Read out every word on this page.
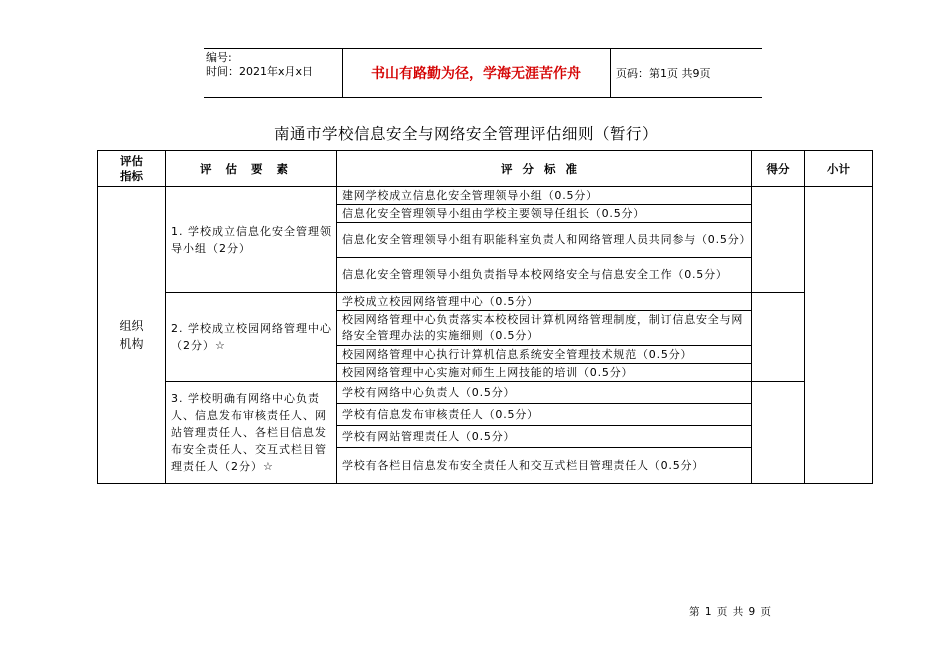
编号:
时间：2021年x月x日	书山有路勤为径，学海无涯苦作舟	页码：第1页 共9页
南通市学校信息安全与网络安全管理评估细则（暂行）
评估
指标	评估要素	评分标准	得分	小计

组织
机构	1. 学校成立信息化安全管理领导小组（2分）	建网学校成立信息化安全管理领导小组（0.5分）		
		信息化安全管理领导小组由学校主要领导任组长（0.5分）		
		信息化安全管理领导小组有职能科室负责人和网络管理人员共同参与（0.5分）		
		信息化安全管理领导小组负责指导本校网络安全与信息安全工作（0.5分）		
	2. 学校成立校园网络管理中心（2分）☆	学校成立校园网络管理中心（0.5分）		
		校园网络管理中心负责落实本校校园计算机网络管理制度，制订信息安全与网络安全管理办法的实施细则（0.5分）		
		校园网络管理中心执行计算机信息系统安全管理技术规范（0.5分）		
		校园网络管理中心实施对师生上网技能的培训（0.5分）		
	3. 学校明确有网络中心负责人、信息发布审核责任人、网站管理责任人、各栏目信息发布安全责任人、交互式栏目管理责任人（2分）☆	学校有网络中心负责人（0.5分）		
		学校有信息发布审核责任人（0.5分）		
		学校有网站管理责任人（0.5分）		
		学校有各栏目信息发布安全责任人和交互式栏目管理责任人（0.5分）		
第 1 页 共 9 页
